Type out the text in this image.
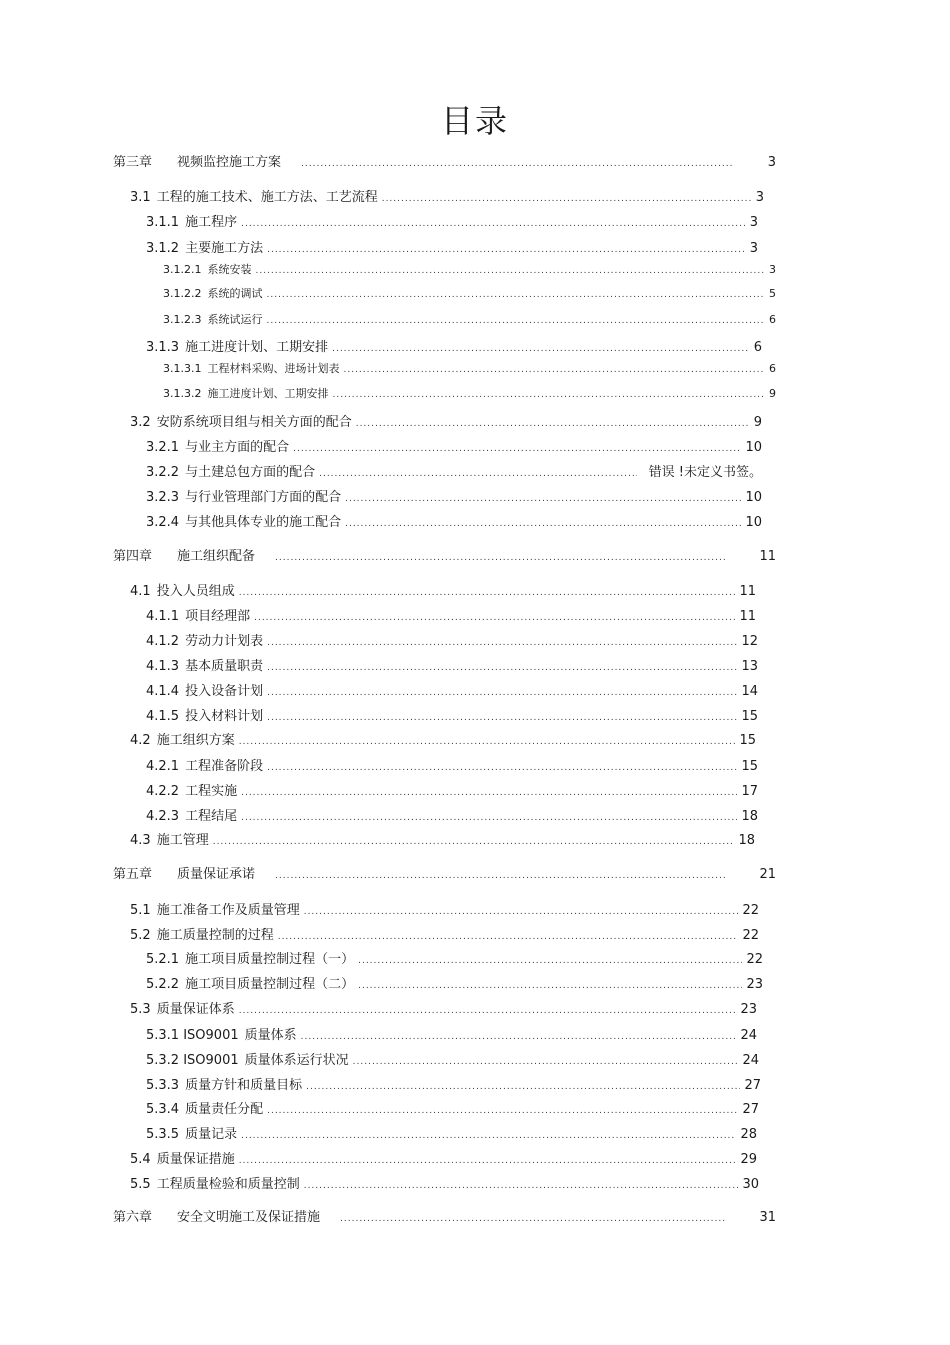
目录
第三章 视频监控施工方案 .....	3
3.1 工程的施工技术、施工方法、工艺流程 .....	3
3.1.1 施工程序 .....	3
3.1.2 主要施工方法 .....	3
3.1.2.1 系统安装 .....	3
3.1.2.2 系统的调试 .....	5
3.1.2.3 系统试运行 .....	6
3.1.3 施工进度计划、工期安排 .....	6
3.1.3.1 工程材料采购、进场计划表 .....	6
3.1.3.2 施工进度计划、工期安排 .....	9
3.2 安防系统项目组与相关方面的配合 .....	9
3.2.1 与业主方面的配合 .....	10
3.2.2 与土建总包方面的配合 .....	错误 !未定义书签。
3.2.3 与行业管理部门方面的配合 .....	10
3.2.4 与其他具体专业的施工配合 .....	10
第四章 施工组织配备 .....	11
4.1 投入人员组成 .....	11
4.1.1 项目经理部 .....	11
4.1.2 劳动力计划表 .....	12
4.1.3 基本质量职责 .....	13
4.1.4 投入设备计划 .....	14
4.1.5 投入材料计划 .....	15
4.2 施工组织方案 .....	15
4.2.1 工程准备阶段 .....	15
4.2.2 工程实施 .....	17
4.2.3 工程结尾 .....	18
4.3 施工管理 .....	18
第五章 质量保证承诺 .....	21
5.1 施工准备工作及质量管理 .....	22
5.2 施工质量控制的过程 .....	22
5.2.1 施工项目质量控制过程（一） .....	22
5.2.2 施工项目质量控制过程（二） .....	23
5.3 质量保证体系 .....	23
5.3.1 ISO9001 质量体系 .....	24
5.3.2 ISO9001 质量体系运行状况 .....	24
5.3.3 质量方针和质量目标 .....	27
5.3.4 质量责任分配 .....	27
5.3.5 质量记录 .....	28
5.4 质量保证措施 .....	29
5.5 工程质量检验和质量控制 .....	30
第六章 安全文明施工及保证措施 .....	31
